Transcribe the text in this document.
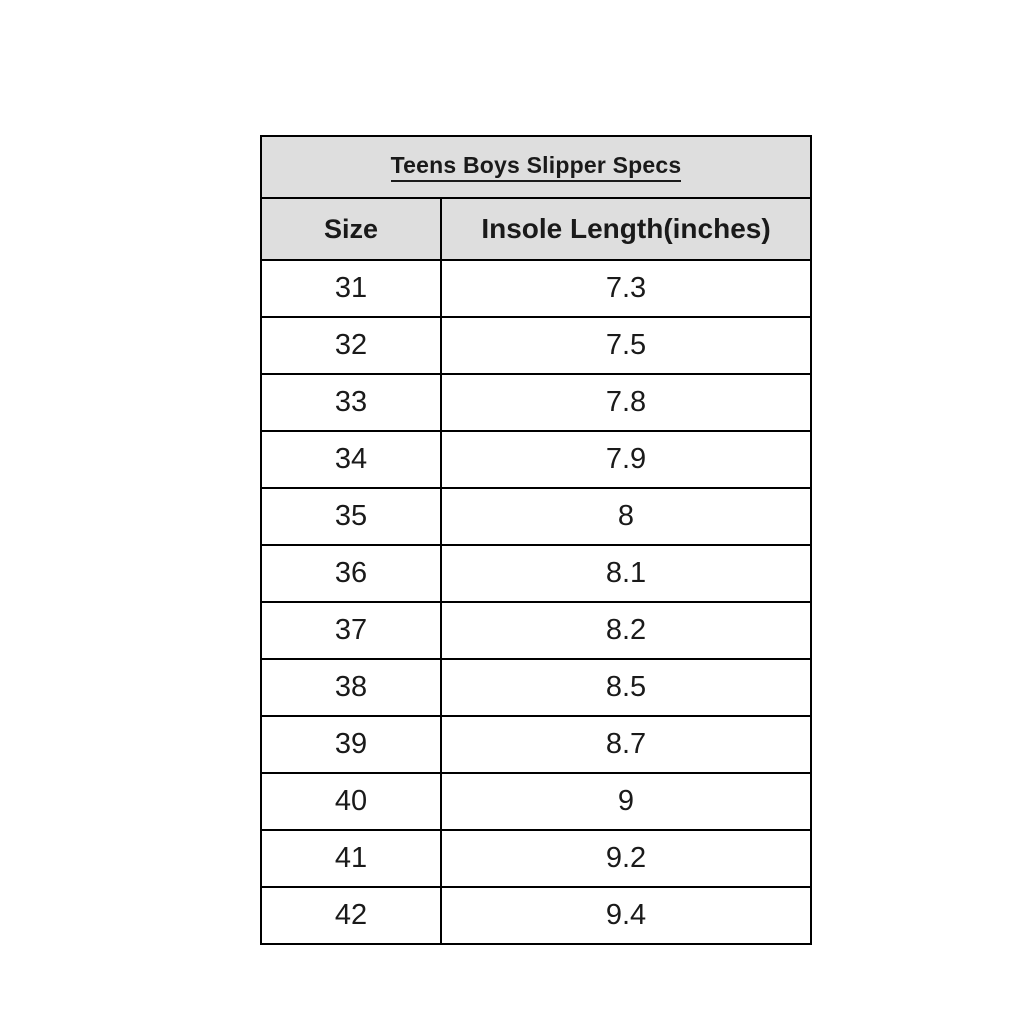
Teens Boys Slipper Specs	
Size	Insole Length(inches)
31	7.3
32	7.5
33	7.8
34	7.9
35	8
36	8.1
37	8.2
38	8.5
39	8.7
40	9
41	9.2
42	9.4
